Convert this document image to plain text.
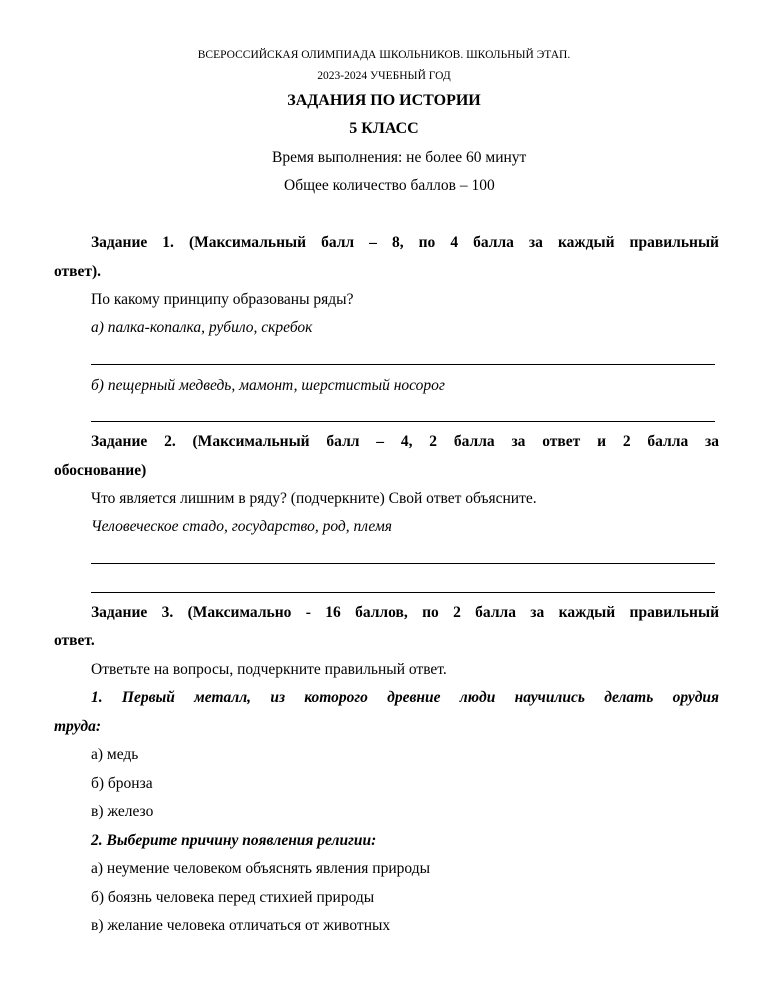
ВСЕРОССИЙСКАЯ ОЛИМПИАДА ШКОЛЬНИКОВ. ШКОЛЬНЫЙ ЭТАП.
2023-2024 УЧЕБНЫЙ ГОД
ЗАДАНИЯ ПО ИСТОРИИ
5 КЛАСС
Время выполнения: не более 60 минут
Общее количество баллов – 100
Задание 1. (Максимальный балл – 8, по 4 балла за каждый правильный
ответ).
По какому принципу образованы ряды?
а) палка-копалка, рубило, скребок
б) пещерный медведь, мамонт, шерстистый носорог
Задание 2. (Максимальный балл – 4, 2 балла за ответ и 2 балла за
обоснование)
Что является лишним в ряду? (подчеркните) Свой ответ объясните.
Человеческое стадо, государство, род, племя
Задание 3. (Максимально - 16 баллов, по 2 балла за каждый правильный
ответ.
Ответьте на вопросы, подчеркните правильный ответ.
1. Первый металл, из которого древние люди научились делать орудия
труда:
а) медь
б) бронза
в) железо
2. Выберите причину появления религии:
а) неумение человеком объяснять явления природы
б) боязнь человека перед стихией природы
в) желание человека отличаться от животных
